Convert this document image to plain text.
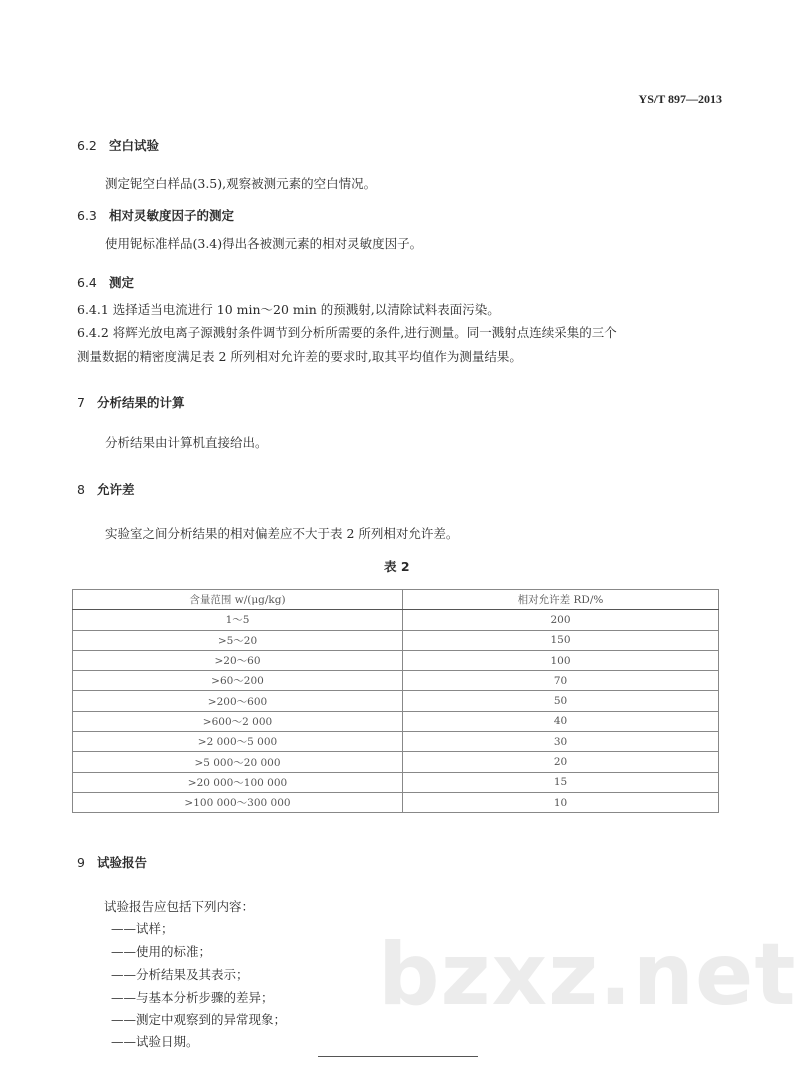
YS/T 897—2013
6.2 空白试验
测定铌空白样品(3.5),观察被测元素的空白情况。
6.3 相对灵敏度因子的测定
使用铌标准样品(3.4)得出各被测元素的相对灵敏度因子。
6.4 测定
6.4.1 选择适当电流进行 10 min～20 min 的预溅射,以清除试料表面污染。
6.4.2 将辉光放电离子源溅射条件调节到分析所需要的条件,进行测量。同一溅射点连续采集的三个
测量数据的精密度满足表 2 所列相对允许差的要求时,取其平均值作为测量结果。
7 分析结果的计算
分析结果由计算机直接给出。
8 允许差
实验室之间分析结果的相对偏差应不大于表 2 所列相对允许差。
表 2
含量范围 w/(μg/kg)	相对允许差 RD/%
1～5	200
>5～20	150
>20～60	100
>60～200	70
>200～600	50
>600～2 000	40
>2 000～5 000	30
>5 000～20 000	20
>20 000～100 000	15
>100 000～300 000	10
9 试验报告
试验报告应包括下列内容：
bzxz.net
——试样；
——使用的标准；
——分析结果及其表示；
——与基本分析步骤的差异；
——测定中观察到的异常现象；
——试验日期。
